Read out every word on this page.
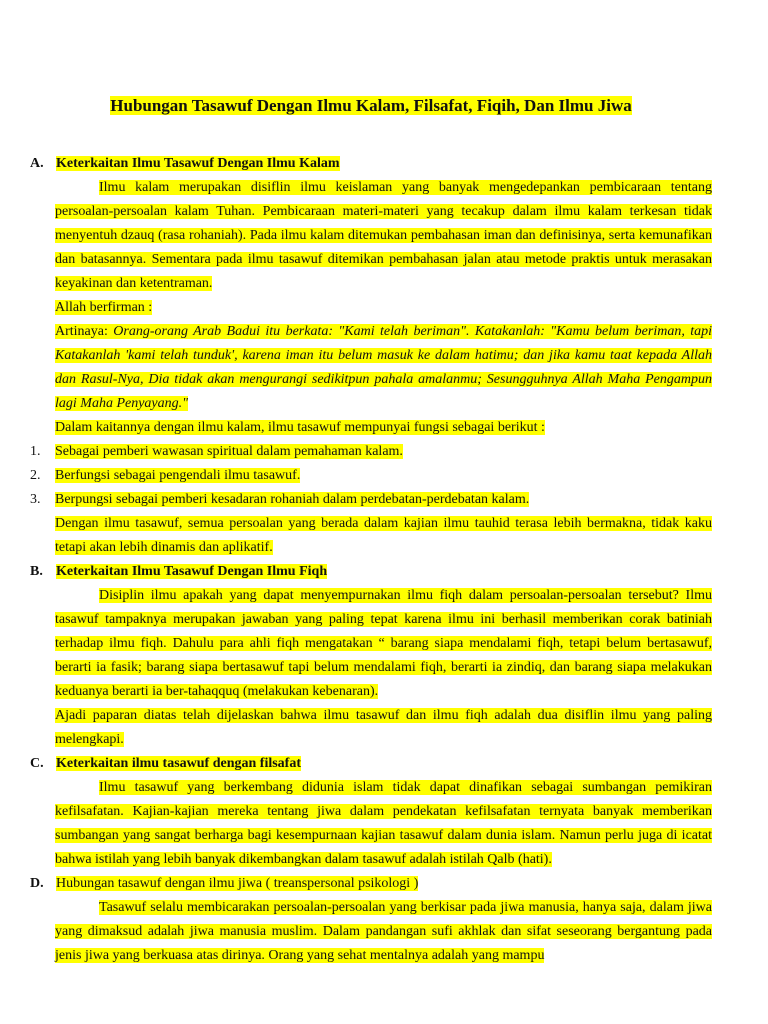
Hubungan Tasawuf Dengan Ilmu Kalam, Filsafat, Fiqih, Dan Ilmu Jiwa
A. Keterkaitan Ilmu Tasawuf Dengan Ilmu Kalam

Ilmu kalam merupakan disiflin ilmu keislaman yang banyak mengedepankan pembicaraan tentang persoalan-persoalan kalam Tuhan. Pembicaraan materi-materi yang tecakup dalam ilmu kalam terkesan tidak menyentuh dzauq (rasa rohaniah). Pada ilmu kalam ditemukan pembahasan iman dan definisinya, serta kemunafikan dan batasannya. Sementara pada ilmu tasawuf ditemikan pembahasan jalan atau metode praktis untuk merasakan keyakinan dan ketentraman.

Allah berfirman :

Artinaya: Orang-orang Arab Badui itu berkata: "Kami telah beriman". Katakanlah: "Kamu belum beriman, tapi Katakanlah 'kami telah tunduk', karena iman itu belum masuk ke dalam hatimu; dan jika kamu taat kepada Allah dan Rasul-Nya, Dia tidak akan mengurangi sedikitpun pahala amalanmu; Sesungguhnya Allah Maha Pengampun lagi Maha Penyayang."

Dalam kaitannya dengan ilmu kalam, ilmu tasawuf mempunyai fungsi sebagai berikut :

1.	Sebagai pemberi wawasan spiritual dalam pemahaman kalam.
2.	Berfungsi sebagai pengendali ilmu tasawuf.
3.	Berpungsi sebagai pemberi kesadaran rohaniah dalam perdebatan-perdebatan kalam.

Dengan ilmu tasawuf, semua persoalan yang berada dalam kajian ilmu tauhid terasa lebih bermakna, tidak kaku tetapi akan lebih dinamis dan aplikatif.

B. Keterkaitan Ilmu Tasawuf Dengan Ilmu Fiqh

Disiplin ilmu apakah yang dapat menyempurnakan ilmu fiqh dalam persoalan-persoalan tersebut? Ilmu tasawuf tampaknya merupakan jawaban yang paling tepat karena ilmu ini berhasil memberikan corak batiniah terhadap ilmu fiqh. Dahulu para ahli fiqh mengatakan “ barang siapa mendalami fiqh, tetapi belum bertasawuf, berarti ia fasik; barang siapa bertasawuf tapi belum mendalami fiqh, berarti ia zindiq, dan barang siapa melakukan keduanya berarti ia ber-tahaqquq (melakukan kebenaran).

Ajadi paparan diatas telah dijelaskan bahwa ilmu tasawuf dan ilmu fiqh adalah dua disiflin ilmu yang paling melengkapi.

C. Keterkaitan ilmu tasawuf dengan filsafat

Ilmu tasawuf yang berkembang didunia islam tidak dapat dinafikan sebagai sumbangan pemikiran kefilsafatan. Kajian-kajian mereka tentang jiwa dalam pendekatan kefilsafatan ternyata banyak memberikan sumbangan yang sangat berharga bagi kesempurnaan kajian tasawuf dalam dunia islam. Namun perlu juga di icatat bahwa istilah yang lebih banyak dikembangkan dalam tasawuf adalah istilah Qalb (hati).

D. Hubungan tasawuf dengan ilmu jiwa ( treanspersonal psikologi )

Tasawuf selalu membicarakan persoalan-persoalan yang berkisar pada jiwa manusia, hanya saja, dalam jiwa yang dimaksud adalah jiwa manusia muslim. Dalam pandangan sufi akhlak dan sifat seseorang bergantung pada jenis jiwa yang berkuasa atas dirinya. Orang yang sehat mentalnya adalah yang mampu
